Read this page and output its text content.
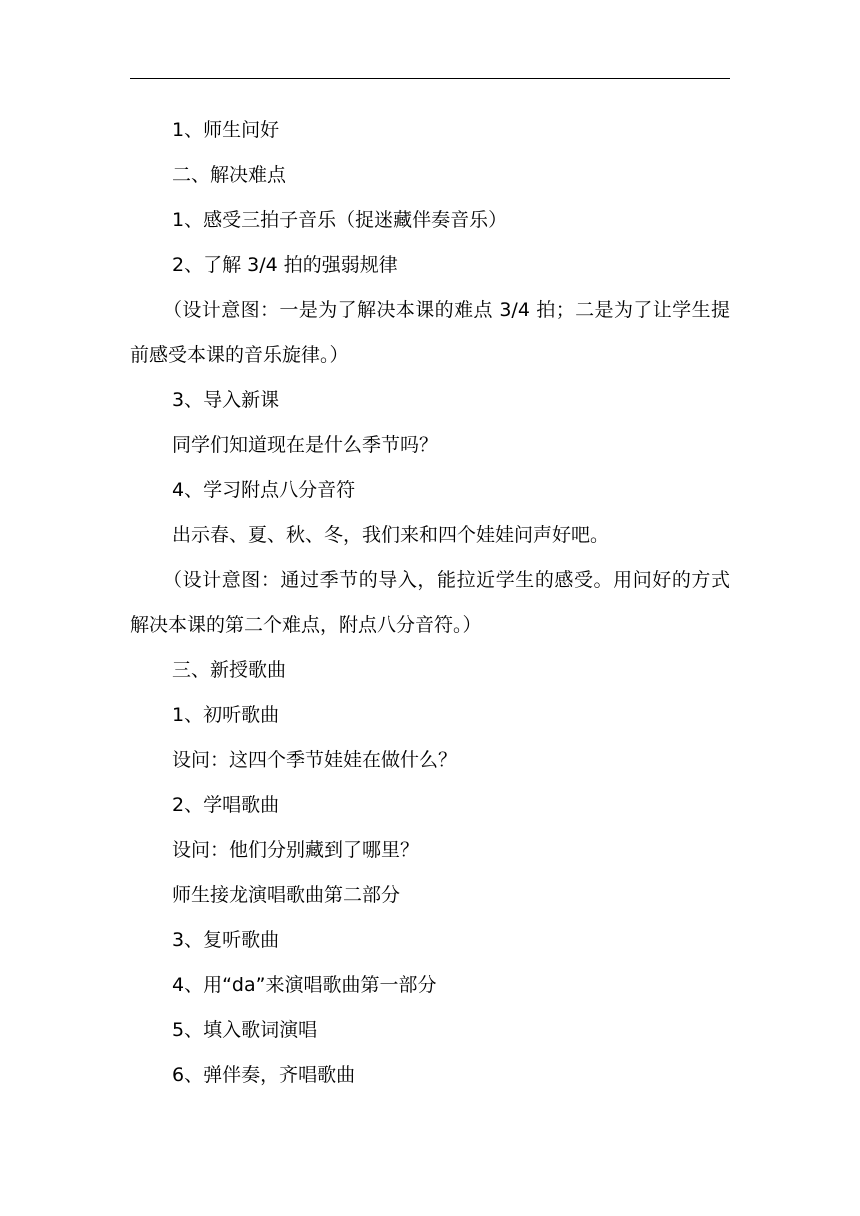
1、师生问好
二、解决难点
1、感受三拍子音乐（捉迷藏伴奏音乐）
2、了解 3/4 拍的强弱规律
（设计意图：一是为了解决本课的难点 3/4 拍；二是为了让学生提前感受本课的音乐旋律。）
3、导入新课
同学们知道现在是什么季节吗？
4、学习附点八分音符
出示春、夏、秋、冬，我们来和四个娃娃问声好吧。
（设计意图：通过季节的导入，能拉近学生的感受。用问好的方式解决本课的第二个难点，附点八分音符。）
三、新授歌曲
1、初听歌曲
设问：这四个季节娃娃在做什么？
2、学唱歌曲
设问：他们分别藏到了哪里？
师生接龙演唱歌曲第二部分
3、复听歌曲
4、用“da”来演唱歌曲第一部分
5、填入歌词演唱
6、弹伴奏，齐唱歌曲
